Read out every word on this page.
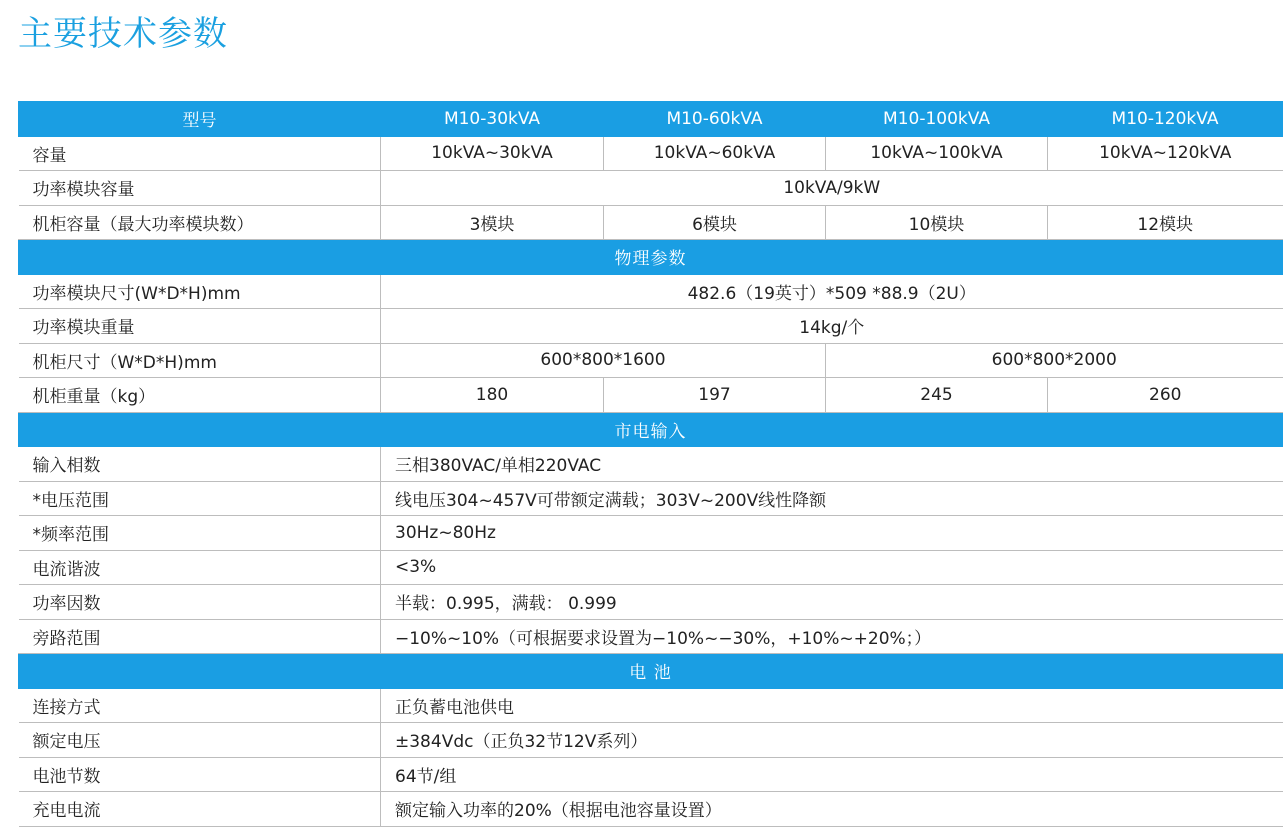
主要技术参数
型号	M10-30kVA	M10-60kVA	M10-100kVA	M10-120kVA
容量	10kVA~30kVA	10kVA~60kVA	10kVA~100kVA	10kVA~120kVA
功率模块容量	10kVA/9kW			
机柜容量（最大功率模块数）	3模块	6模块	10模块	12模块
物理参数				
功率模块尺寸(W*D*H)mm	482.6（19英寸）*509 *88.9（2U）			
功率模块重量	14kg/个			
机柜尺寸（W*D*H)mm	600*800*1600		600*800*2000	
机柜重量（kg）	180	197	245	260
市电输入				
输入相数	三相380VAC/单相220VAC			
*电压范围	线电压304~457V可带额定满载；303V~200V线性降额			
*频率范围	30Hz~80Hz			
电流谐波	<3%			
功率因数	半载：0.995，满载： 0.999			
旁路范围	−10%~10%（可根据要求设置为−10%~−30%，+10%~+20%；）			
电 池				
连接方式	正负蓄电池供电			
额定电压	±384Vdc（正负32节12V系列）			
电池节数	64节/组			
充电电流	额定输入功率的20%（根据电池容量设置）			
